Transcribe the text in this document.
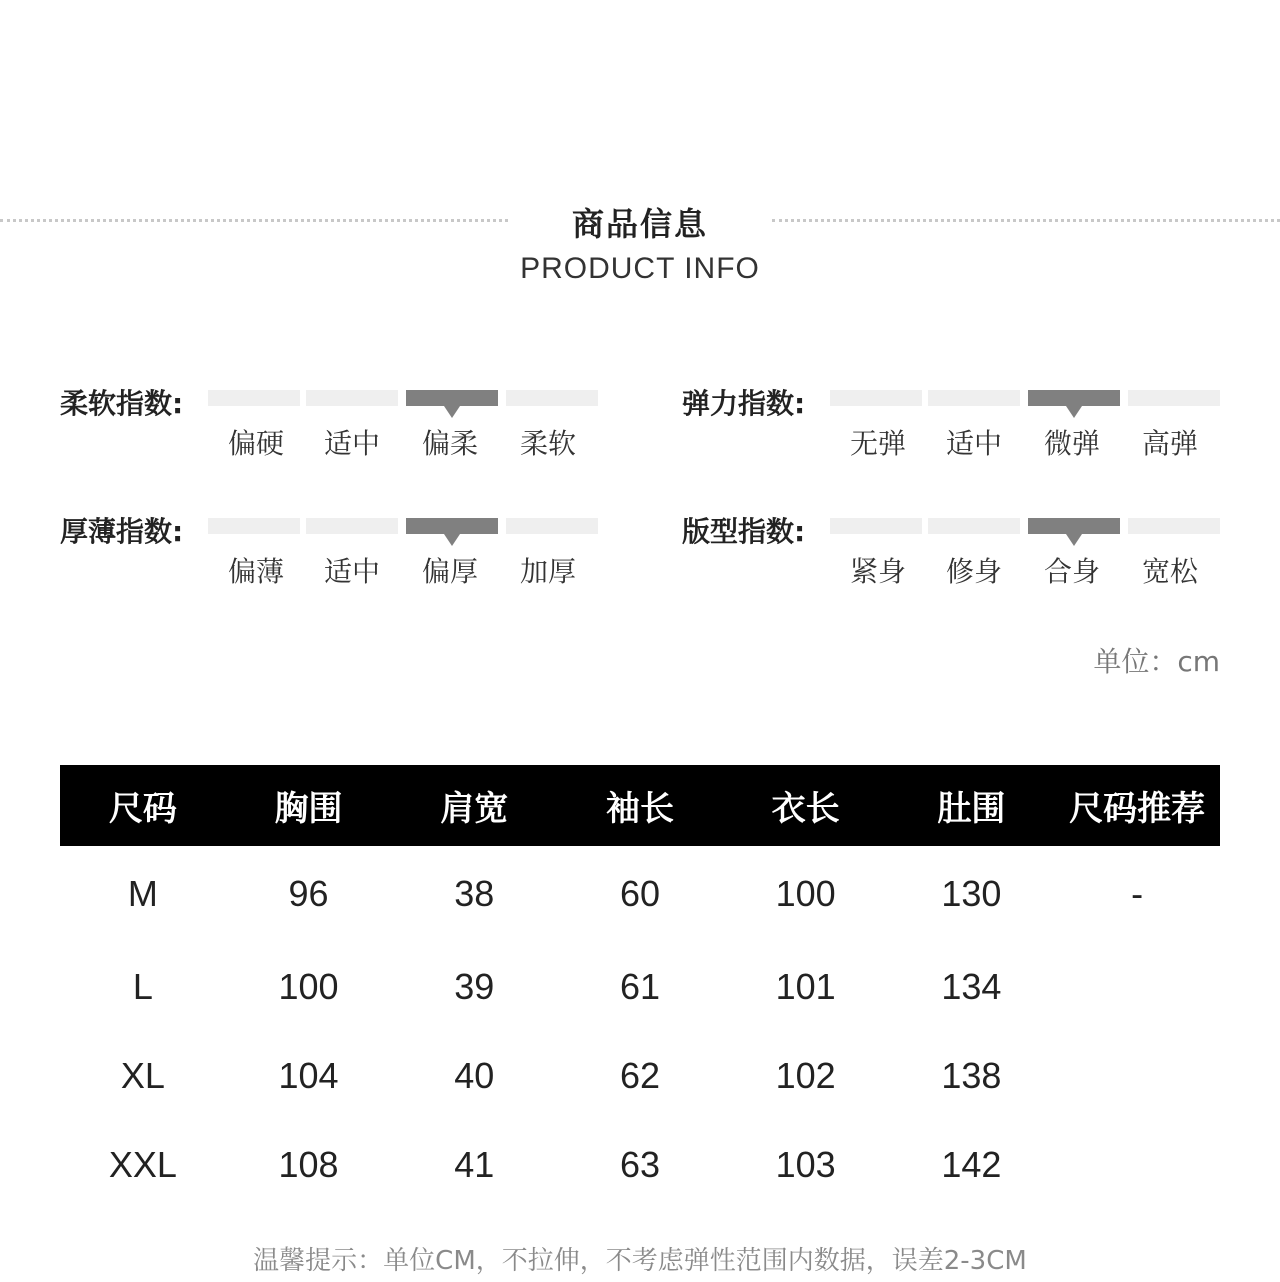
商品信息
PRODUCT INFO
柔软指数:
偏硬	适中	偏柔	柔软
弹力指数:
无弹	适中	微弹	高弹
厚薄指数:
偏薄	适中	偏厚	加厚
版型指数:
紧身	修身	合身	宽松
单位：cm
尺码	胸围	肩宽	袖长	衣长	肚围	尺码推荐
M	96	38	60	100	130	-
L	100	39	61	101	134	
XL	104	40	62	102	138	
XXL	108	41	63	103	142	
温馨提示：单位CM，不拉伸，不考虑弹性范围内数据，误差2-3CM
